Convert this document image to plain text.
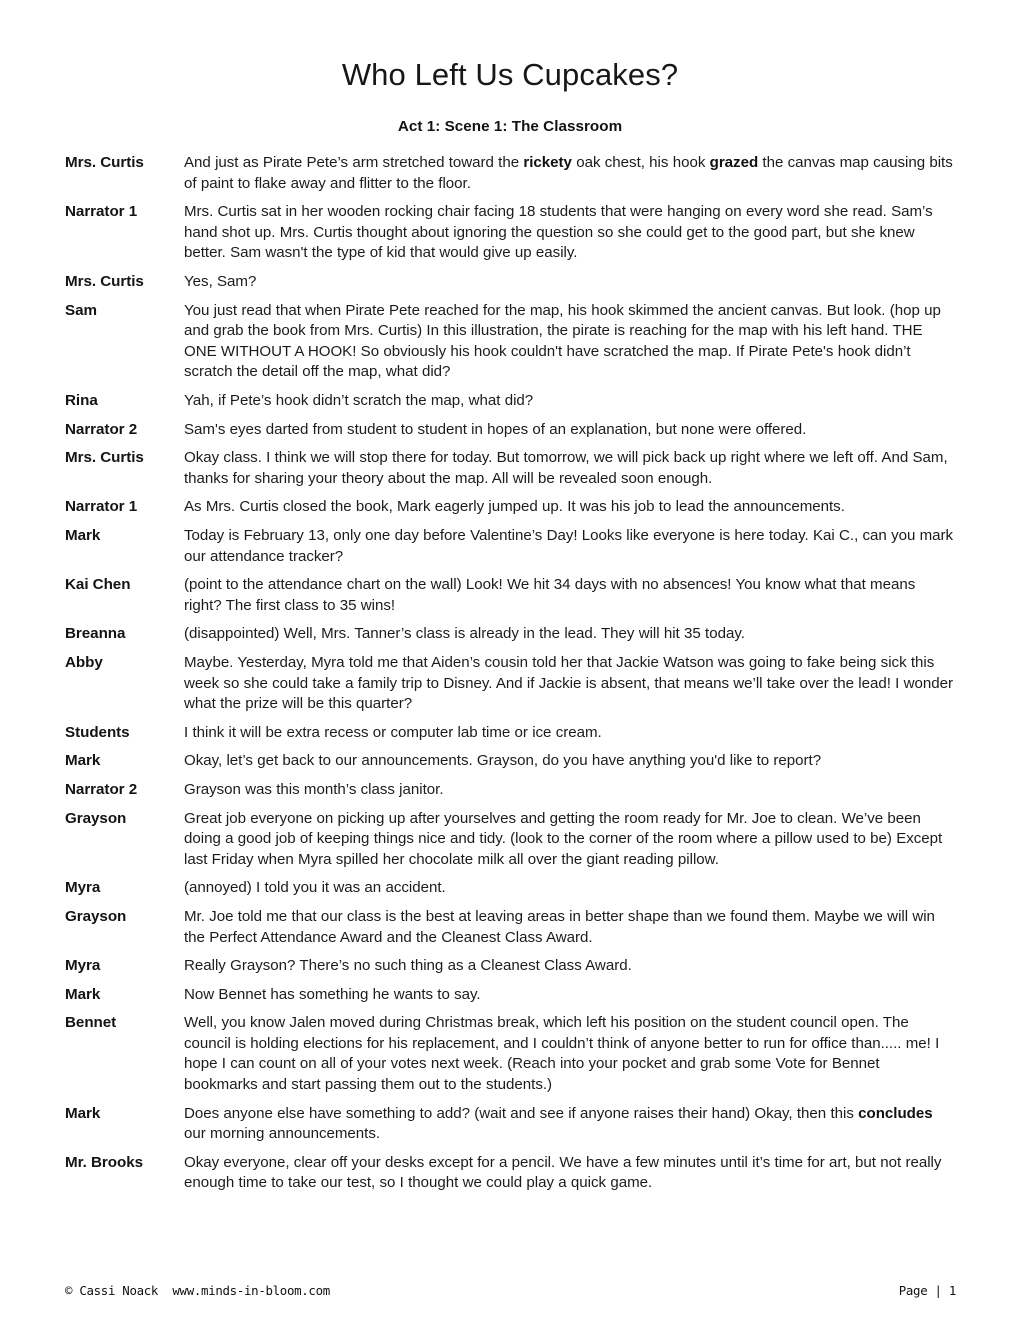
Who Left Us Cupcakes?
Act 1: Scene 1: The Classroom
Mrs. Curtis	And just as Pirate Pete’s arm stretched toward the rickety oak chest, his hook grazed the canvas map causing bits of paint to flake away and flitter to the floor.
Narrator 1	Mrs. Curtis sat in her wooden rocking chair facing 18 students that were hanging on every word she read. Sam’s hand shot up. Mrs. Curtis thought about ignoring the question so she could get to the good part, but she knew better. Sam wasn't the type of kid that would give up easily.
Mrs. Curtis	Yes, Sam?
Sam	You just read that when Pirate Pete reached for the map, his hook skimmed the ancient canvas. But look. (hop up and grab the book from Mrs. Curtis) In this illustration, the pirate is reaching for the map with his left hand. THE ONE WITHOUT A HOOK! So obviously his hook couldn't have scratched the map. If Pirate Pete's hook didn’t scratch the detail off the map, what did?
Rina	Yah, if Pete’s hook didn’t scratch the map, what did?
Narrator 2	Sam's eyes darted from student to student in hopes of an explanation, but none were offered.
Mrs. Curtis	Okay class. I think we will stop there for today. But tomorrow, we will pick back up right where we left off. And Sam, thanks for sharing your theory about the map. All will be revealed soon enough.
Narrator 1	As Mrs. Curtis closed the book, Mark eagerly jumped up. It was his job to lead the announcements.
Mark	Today is February 13, only one day before Valentine’s Day! Looks like everyone is here today. Kai C., can you mark our attendance tracker?
Kai Chen	(point to the attendance chart on the wall) Look! We hit 34 days with no absences! You know what that means right? The first class to 35 wins!
Breanna	(disappointed) Well, Mrs. Tanner’s class is already in the lead. They will hit 35 today.
Abby	Maybe. Yesterday, Myra told me that Aiden’s cousin told her that Jackie Watson was going to fake being sick this week so she could take a family trip to Disney. And if Jackie is absent, that means we’ll take over the lead! I wonder what the prize will be this quarter?
Students	I think it will be extra recess or computer lab time or ice cream.
Mark	Okay, let’s get back to our announcements. Grayson, do you have anything you'd like to report?
Narrator 2	Grayson was this month’s class janitor.
Grayson	Great job everyone on picking up after yourselves and getting the room ready for Mr. Joe to clean. We’ve been doing a good job of keeping things nice and tidy. (look to the corner of the room where a pillow used to be) Except last Friday when Myra spilled her chocolate milk all over the giant reading pillow.
Myra	(annoyed) I told you it was an accident.
Grayson	Mr. Joe told me that our class is the best at leaving areas in better shape than we found them. Maybe we will win the Perfect Attendance Award and the Cleanest Class Award.
Myra	Really Grayson? There’s no such thing as a Cleanest Class Award.
Mark	Now Bennet has something he wants to say.
Bennet	Well, you know Jalen moved during Christmas break, which left his position on the student council open. The council is holding elections for his replacement, and I couldn’t think of anyone better to run for office than..... me! I hope I can count on all of your votes next week. (Reach into your pocket and grab some Vote for Bennet bookmarks and start passing them out to the students.)
Mark	Does anyone else have something to add? (wait and see if anyone raises their hand) Okay, then this concludes our morning announcements.
Mr. Brooks	Okay everyone, clear off your desks except for a pencil. We have a few minutes until it’s time for art, but not really enough time to take our test, so I thought we could play a quick game.
© Cassi Noack  www.minds-in-bloom.com	Page | 1
